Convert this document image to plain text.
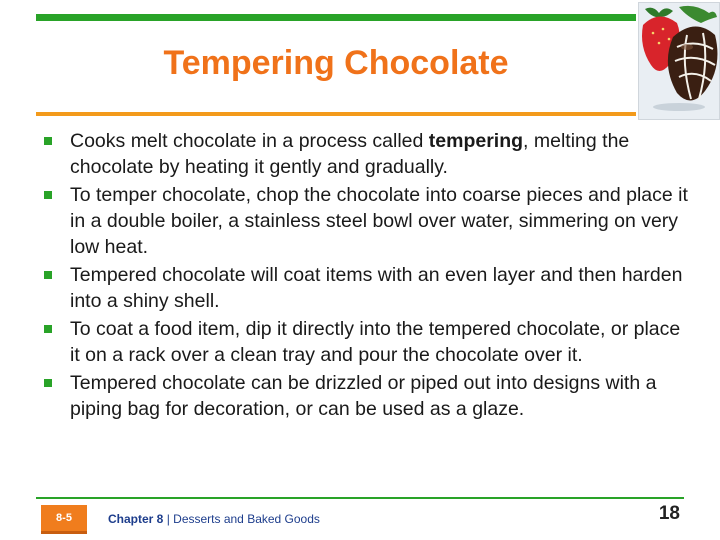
Tempering Chocolate
Cooks melt chocolate in a process called tempering, melting the chocolate by heating it gently and gradually.
To temper chocolate, chop the chocolate into coarse pieces and place it in a double boiler, a stainless steel bowl over water, simmering on very low heat.
Tempered chocolate will coat items with an even layer and then harden into a shiny shell.
To coat a food item, dip it directly into the tempered chocolate, or place it on a rack over a clean tray and pour the chocolate over it.
Tempered chocolate can be drizzled or piped out into designs with a piping bag for decoration, or can be used as a glaze.
8-5	Chapter 8 | Desserts and Baked Goods	18
